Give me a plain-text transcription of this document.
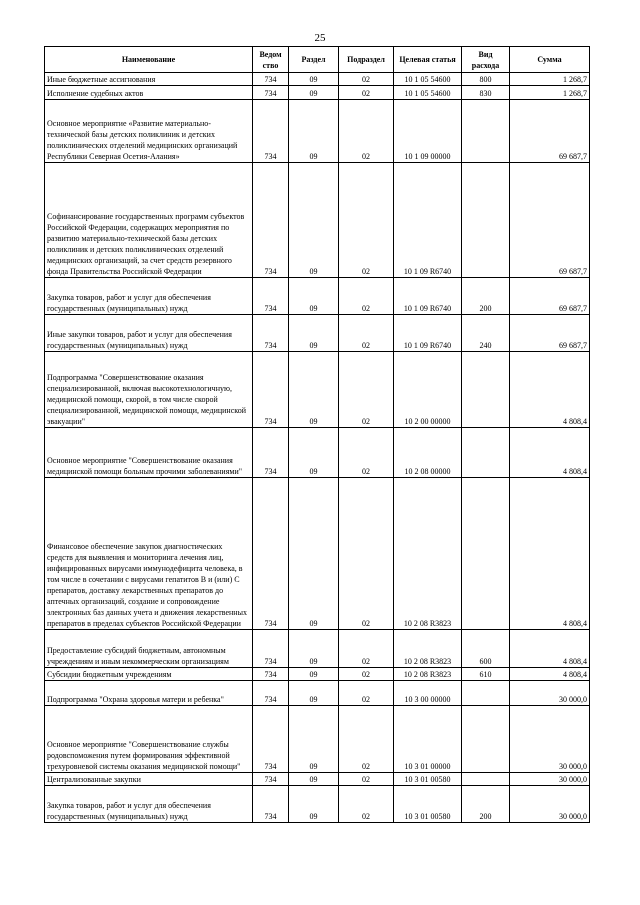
25
Наименование	Ведом ство	Раздел	Подраздел	Целевая статья	Вид расхода	Сумма
Иные бюджетные ассигнования	734	09	02	10 1 05 54600	800	1 268,7
Исполнение судебных актов	734	09	02	10 1 05 54600	830	1 268,7
Основное мероприятие «Развитие материально-технической базы детских поликлиник и детских поликлинических отделений медицинских организаций Республики Северная Осетия-Алания»	734	09	02	10 1 09 00000		69 687,7
Софинансирование государственных программ субъектов Российской Федерации, содержащих мероприятия по развитию материально-технической базы детских поликлиник и детских поликлинических отделений медицинских организаций, за счет средств резервного фонда Правительства Российской Федерации	734	09	02	10 1 09 R6740		69 687,7
Закупка товаров, работ и услуг для обеспечения государственных (муниципальных) нужд	734	09	02	10 1 09 R6740	200	69 687,7
Иные закупки товаров, работ и услуг для обеспечения государственных (муниципальных) нужд	734	09	02	10 1 09 R6740	240	69 687,7
Подпрограмма "Совершенствование оказания специализированной, включая высокотехнологичную, медицинской помощи, скорой, в том числе скорой специализированной, медицинской помощи, медицинской эвакуации"	734	09	02	10 2 00 00000		4 808,4
Основное мероприятие "Совершенствование оказания медицинской помощи больным прочими заболеваниями"	734	09	02	10 2 08 00000		4 808,4
Финансовое обеспечение закупок диагностических средств для выявления и мониторинга лечения лиц, инфицированных вирусами иммунодефицита человека, в том числе в сочетании с вирусами гепатитов B и (или) C препаратов, доставку лекарственных препаратов до аптечных организаций, создание и сопровождение электронных баз данных учета и движения лекарственных препаратов в пределах субъектов Российской Федерации	734	09	02	10 2 08 R3823		4 808,4
Предоставление субсидий бюджетным, автономным учреждениям и иным некоммерческим организациям	734	09	02	10 2 08 R3823	600	4 808,4
Субсидии бюджетным учреждениям	734	09	02	10 2 08 R3823	610	4 808,4
Подпрограмма "Охрана здоровья матери и ребенка"	734	09	02	10 3 00 00000		30 000,0
Основное мероприятие "Совершенствование службы родовспоможения путем формирования эффективной трехуровневой системы оказания медицинской помощи"	734	09	02	10 3 01 00000		30 000,0
Централизованные закупки	734	09	02	10 3 01 00580		30 000,0
Закупка товаров, работ и услуг для обеспечения государственных (муниципальных) нужд	734	09	02	10 3 01 00580	200	30 000,0
